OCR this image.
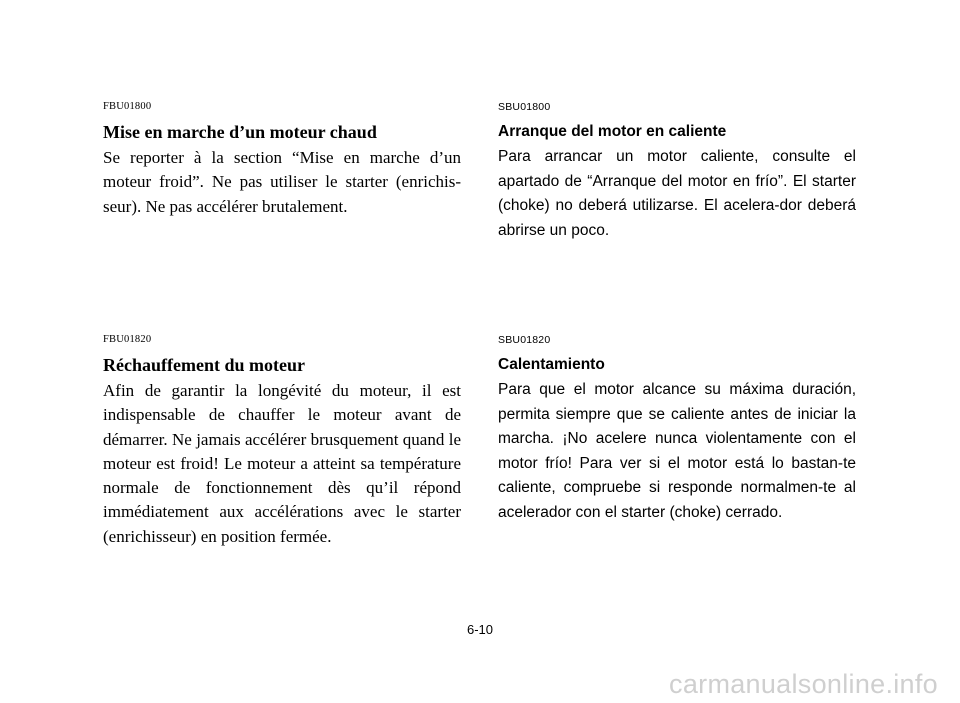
FBU01800

Mise en marche d’un moteur chaud

Se reporter à la section “Mise en marche d’un moteur froid”. Ne pas utiliser le starter (enrichis-seur). Ne pas accélérer brutalement.

SBU01800

Arranque del motor en caliente

Para arrancar un motor caliente, consulte el apartado de “Arranque del motor en frío”. El starter (choke) no deberá utilizarse. El acelera-dor deberá abrirse un poco.

FBU01820

Réchauffement du moteur

Afin de garantir la longévité du moteur, il est indispensable de chauffer le moteur avant de démarrer. Ne jamais accélérer brusquement quand le moteur est froid! Le moteur a atteint sa température normale de fonctionnement dès qu’il répond immédiatement aux accélérations avec le starter (enrichisseur) en position fermée.

SBU01820

Calentamiento

Para que el motor alcance su máxima duración, permita siempre que se caliente antes de iniciar la marcha. ¡No acelere nunca violentamente con el motor frío! Para ver si el motor está lo bastan-te caliente, compruebe si responde normalmen-te al acelerador con el starter (choke) cerrado.

6-10
carmanualsonline.info
